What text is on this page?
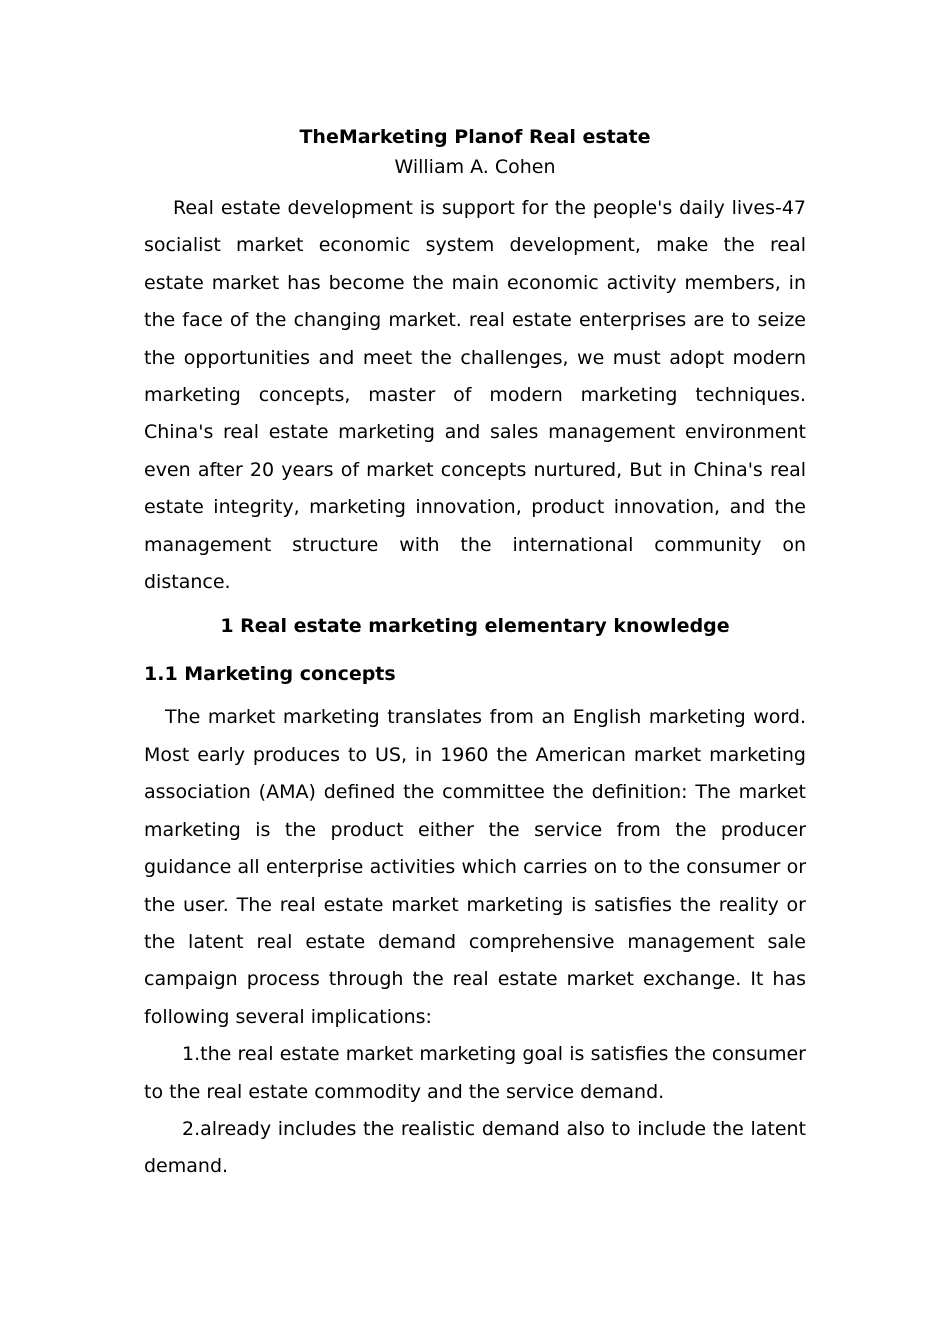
TheMarketing Planof Real estate

William A. Cohen

Real estate development is support for the people's daily lives-47 socialist market economic system development, make the real estate market has become the main economic activity members, in the face of the changing market. real estate enterprises are to seize the opportunities and meet the challenges, we must adopt modern marketing concepts, master of modern marketing techniques. China's real estate marketing and sales management environment even after 20 years of market concepts nurtured, But in China's real estate integrity, marketing innovation, product innovation, and the management structure with the international community on distance.

1 Real estate marketing elementary knowledge

1.1 Marketing concepts

The market marketing translates from an English marketing word. Most early produces to US, in 1960 the American market marketing association (AMA) defined the committee the definition: The market marketing is the product either the service from the producer guidance all enterprise activities which carries on to the consumer or the user. The real estate market marketing is satisfies the reality or the latent real estate demand comprehensive management sale campaign process through the real estate market exchange. It has following several implications:

1.the real estate market marketing goal is satisfies the consumer to the real estate commodity and the service demand.

2.already includes the realistic demand also to include the latent demand.
